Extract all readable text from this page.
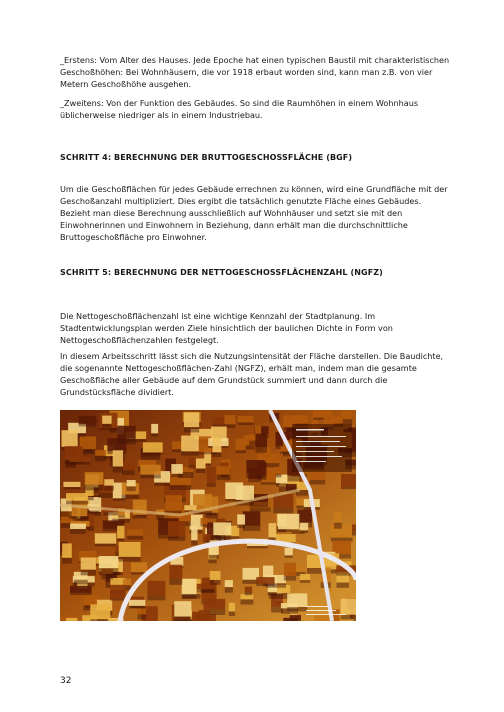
_Erstens: Vom Alter des Hauses. Jede Epoche hat einen typischen Baustil mit charakteristischen Geschoßhöhen: Bei Wohnhäusern, die vor 1918 erbaut worden sind, kann man z.B. von vier Metern Geschoßhöhe ausgehen.

_Zweitens: Von der Funktion des Gebäudes. So sind die Raumhöhen in einem Wohnhaus üblicherweise niedriger als in einem Industriebau.

SCHRITT 4: BERECHNUNG DER BRUTTOGESCHOSSFLÄCHE (BGF)

Um die Geschoßflächen für jedes Gebäude errechnen zu können, wird eine Grundfläche mit der Geschoßanzahl multipliziert. Dies ergibt die tatsächlich genutzte Fläche eines Gebäudes. Bezieht man diese Berechnung ausschließlich auf Wohnhäuser und setzt sie mit den Einwohnerinnen und Einwohnern in Beziehung, dann erhält man die durchschnittliche Bruttogeschoßfläche pro Einwohner.

SCHRITT 5: BERECHNUNG DER NETTOGESCHOSSFLÄCHENZAHL (NGFZ)

Die Nettogeschoßflächenzahl ist eine wichtige Kennzahl der Stadtplanung. Im Stadtentwicklungsplan werden Ziele hinsichtlich der baulichen Dichte in Form von Nettogeschoßflächenzahlen festgelegt.

In diesem Arbeitsschritt lässt sich die Nutzungsintensität der Fläche darstellen. Die Baudichte, die sogenannte Nettogeschoßflächen-Zahl (NGFZ), erhält man, indem man die gesamte Geschoßfläche aller Gebäude auf dem Grundstück summiert und dann durch die Grundstücksfläche dividiert.

32
